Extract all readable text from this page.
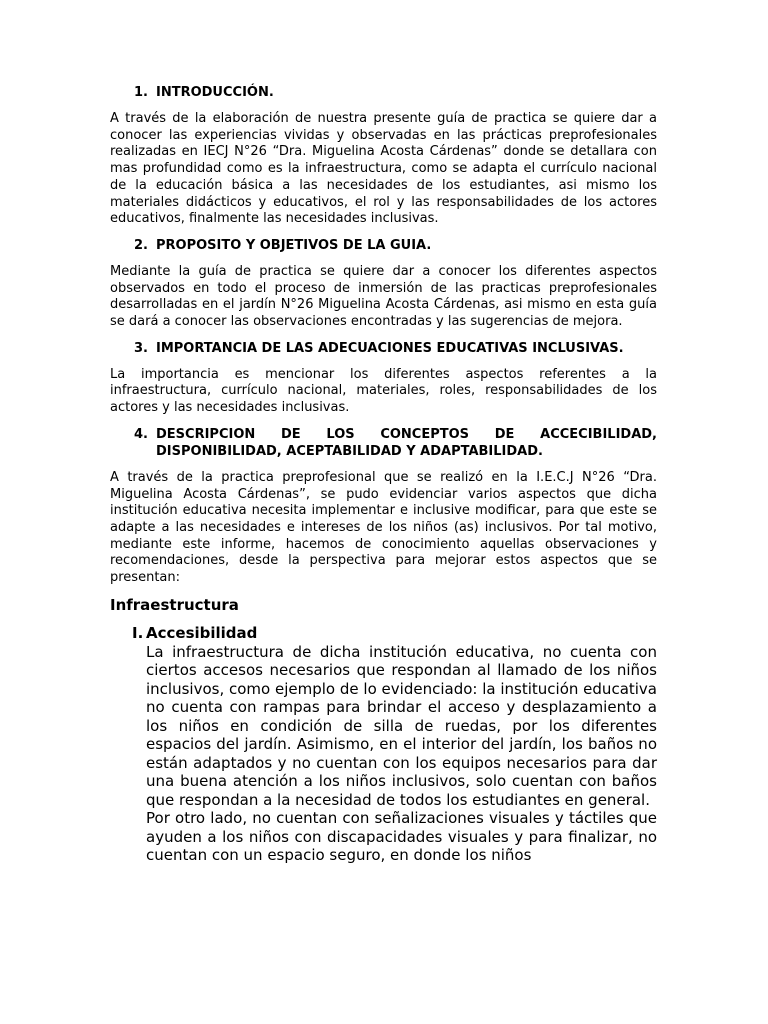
1. INTRODUCCIÓN.

A través de la elaboración de nuestra presente guía de practica se quiere dar a conocer las experiencias vividas y observadas en las prácticas preprofesionales realizadas en IECJ N°26 “Dra. Miguelina Acosta Cárdenas” donde se detallara con mas profundidad como es la infraestructura, como se adapta el currículo nacional de la educación básica a las necesidades de los estudiantes, asi mismo los materiales didácticos y educativos, el rol y las responsabilidades de los actores educativos, finalmente las necesidades inclusivas.

2. PROPOSITO Y OBJETIVOS DE LA GUIA.

Mediante la guía de practica se quiere dar a conocer los diferentes aspectos observados en todo el proceso de inmersión de las practicas preprofesionales desarrolladas en el jardín N°26 Miguelina Acosta Cárdenas, asi mismo en esta guía se dará a conocer las observaciones encontradas y las sugerencias de mejora.

3. IMPORTANCIA DE LAS ADECUACIONES EDUCATIVAS INCLUSIVAS.

La importancia es mencionar los diferentes aspectos referentes a la infraestructura, currículo nacional, materiales, roles, responsabilidades de los actores y las necesidades inclusivas.

4. DESCRIPCION DE LOS CONCEPTOS DE ACCECIBILIDAD, DISPONIBILIDAD, ACEPTABILIDAD Y ADAPTABILIDAD.

A través de la practica preprofesional que se realizó en la I.E.C.J N°26 “Dra. Miguelina Acosta Cárdenas”, se pudo evidenciar varios aspectos que dicha institución educativa necesita implementar e inclusive modificar, para que este se adapte a las necesidades e intereses de los niños (as) inclusivos. Por tal motivo, mediante este informe, hacemos de conocimiento aquellas observaciones y recomendaciones, desde la perspectiva para mejorar estos aspectos que se presentan:

Infraestructura

I. Accesibilidad

La infraestructura de dicha institución educativa, no cuenta con ciertos accesos necesarios que respondan al llamado de los niños inclusivos, como ejemplo de lo evidenciado: la institución educativa no cuenta con rampas para brindar el acceso y desplazamiento a los niños en condición de silla de ruedas, por los diferentes espacios del jardín. Asimismo, en el interior del jardín, los baños no están adaptados y no cuentan con los equipos necesarios para dar una buena atención a los niños inclusivos, solo cuentan con baños que respondan a la necesidad de todos los estudiantes en general.

Por otro lado, no cuentan con señalizaciones visuales y táctiles que ayuden a los niños con discapacidades visuales y para finalizar, no cuentan con un espacio seguro, en donde los niños
